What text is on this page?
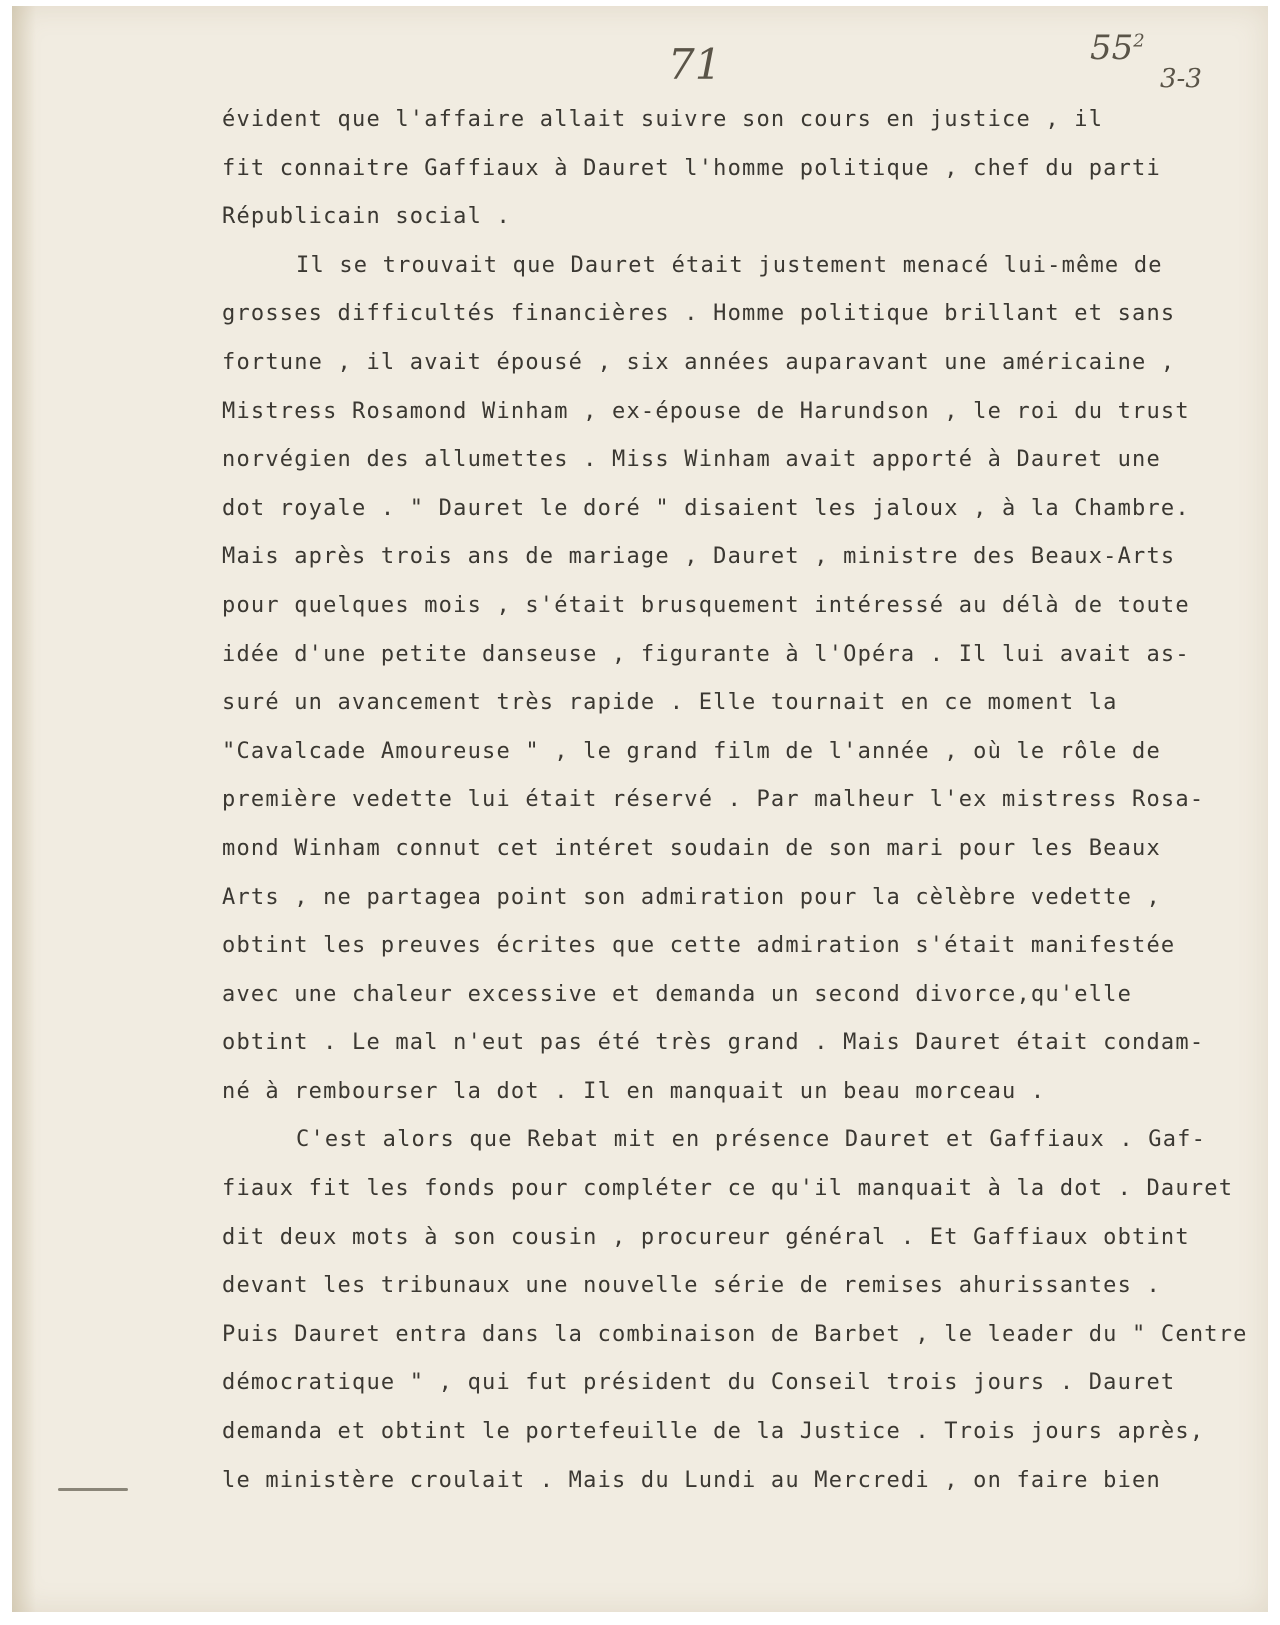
71	$55^2$
3-3
évident que l'affaire allait suivre son cours en justice , il
fit connaitre Gaffiaux à Dauret l'homme politique , chef du parti
Républicain social .
Il se trouvait que Dauret était justement menacé lui-même de
grosses difficultés financières . Homme politique brillant et sans
fortune , il avait épousé , six années auparavant une américaine ,
Mistress Rosamond Winham , ex-épouse de Harundson , le roi du trust
norvégien des allumettes . Miss Winham avait apporté à Dauret une
dot royale . " Dauret le doré " disaient les jaloux , à la Chambre.
Mais après trois ans de mariage , Dauret , ministre des Beaux-Arts
pour quelques mois , s'était brusquement intéressé au délà de toute
idée d'une petite danseuse , figurante à l'Opéra . Il lui avait as-
suré un avancement très rapide . Elle tournait en ce moment la
"Cavalcade Amoureuse " , le grand film de l'année , où le rôle de
première vedette lui était réservé . Par malheur l'ex mistress Rosa-
mond Winham connut cet intéret soudain de son mari pour les Beaux
Arts , ne partagea point son admiration pour la cèlèbre vedette ,
obtint les preuves écrites que cette admiration s'était manifestée
avec une chaleur excessive et demanda un second divorce,qu'elle
obtint . Le mal n'eut pas été très grand . Mais Dauret était condam-
né à rembourser la dot . Il en manquait un beau morceau .
C'est alors que Rebat mit en présence Dauret et Gaffiaux . Gaf-
fiaux fit les fonds pour compléter ce qu'il manquait à la dot . Dauret
dit deux mots à son cousin , procureur général . Et Gaffiaux obtint
devant les tribunaux une nouvelle série de remises ahurissantes .
Puis Dauret entra dans la combinaison de Barbet , le leader du " Centre
démocratique " , qui fut président du Conseil trois jours . Dauret
demanda et obtint le portefeuille de la Justice . Trois jours après,
le ministère croulait . Mais du Lundi au Mercredi , on faire bien
